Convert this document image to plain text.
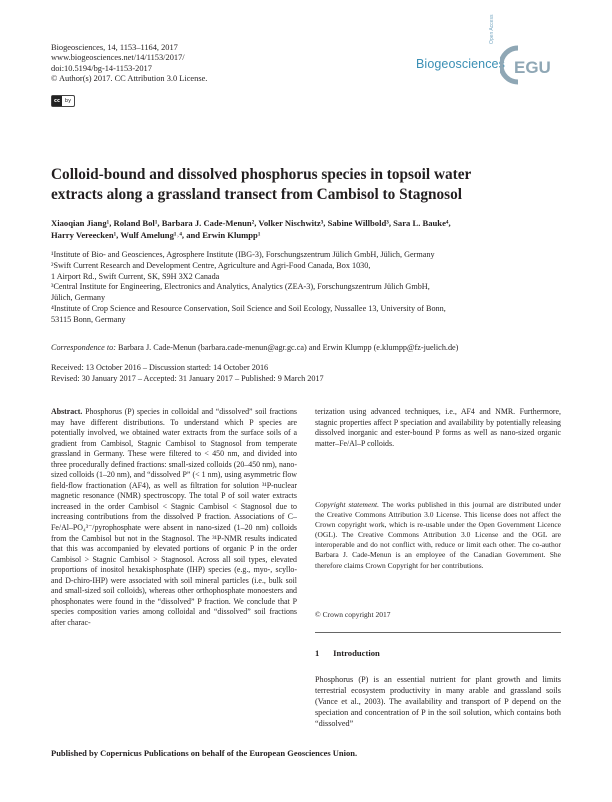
Biogeosciences, 14, 1153–1164, 2017
www.biogeosciences.net/14/1153/2017/
doi:10.5194/bg-14-1153-2017
© Author(s) 2017. CC Attribution 3.0 License.
cc by
Biogeosciences
Open Access
EGU
Colloid-bound and dissolved phosphorus species in topsoil water
extracts along a grassland transect from Cambisol to Stagnosol
Xiaoqian Jiang¹, Roland Bol¹, Barbara J. Cade-Menun², Volker Nischwitz³, Sabine Willbold³, Sara L. Bauke⁴,
Harry Vereecken¹, Wulf Amelung¹˒⁴, and Erwin Klumpp¹
¹Institute of Bio- and Geosciences, Agrosphere Institute (IBG-3), Forschungszentrum Jülich GmbH, Jülich, Germany
²Swift Current Research and Development Centre, Agriculture and Agri-Food Canada, Box 1030,
1 Airport Rd., Swift Current, SK, S9H 3X2 Canada
³Central Institute for Engineering, Electronics and Analytics, Analytics (ZEA-3), Forschungszentrum Jülich GmbH,
Jülich, Germany
⁴Institute of Crop Science and Resource Conservation, Soil Science and Soil Ecology, Nussallee 13, University of Bonn,
53115 Bonn, Germany
Correspondence to: Barbara J. Cade-Menun (barbara.cade-menun@agr.gc.ca) and Erwin Klumpp (e.klumpp@fz-juelich.de)
Received: 13 October 2016 – Discussion started: 14 October 2016
Revised: 30 January 2017 – Accepted: 31 January 2017 – Published: 9 March 2017
Abstract. Phosphorus (P) species in colloidal and “dissolved” soil fractions may have different distributions. To understand which P species are potentially involved, we obtained water extracts from the surface soils of a gradient from Cambisol, Stagnic Cambisol to Stagnosol from temperate grassland in Germany. These were filtered to < 450 nm, and divided into three procedurally defined fractions: small-sized colloids (20–450 nm), nano-sized colloids (1–20 nm), and “dissolved P” (< 1 nm), using asymmetric flow field-flow fractionation (AF4), as well as filtration for solution ³¹P-nuclear magnetic resonance (NMR) spectroscopy. The total P of soil water extracts increased in the order Cambisol < Stagnic Cambisol < Stagnosol due to increasing contributions from the dissolved P fraction. Associations of C–Fe/Al–PO₄³⁻/pyrophosphate were absent in nano-sized (1–20 nm) colloids from the Cambisol but not in the Stagnosol. The ³¹P-NMR results indicated that this was accompanied by elevated portions of organic P in the order Cambisol > Stagnic Cambisol > Stagnosol. Across all soil types, elevated proportions of inositol hexakisphosphate (IHP) species (e.g., myo-, scyllo- and D-chiro-IHP) were associated with soil mineral particles (i.e., bulk soil and small-sized soil colloids), whereas other orthophosphate monoesters and phosphonates were found in the “dissolved” P fraction. We conclude that P species composition varies among colloidal and “dissolved” soil fractions after charac-
terization using advanced techniques, i.e., AF4 and NMR. Furthermore, stagnic properties affect P speciation and availability by potentially releasing dissolved inorganic and ester-bound P forms as well as nano-sized organic matter–Fe/Al–P colloids.
Copyright statement. The works published in this journal are distributed under the Creative Commons Attribution 3.0 License. This license does not affect the Crown copyright work, which is re-usable under the Open Government Licence (OGL). The Creative Commons Attribution 3.0 License and the OGL are interoperable and do not conflict with, reduce or limit each other. The co-author Barbara J. Cade-Menun is an employee of the Canadian Government. She therefore claims Crown Copyright for her contributions.
© Crown copyright 2017
1 Introduction
Phosphorus (P) is an essential nutrient for plant growth and limits terrestrial ecosystem productivity in many arable and grassland soils (Vance et al., 2003). The availability and transport of P depend on the speciation and concentration of P in the soil solution, which contains both “dissolved”
Published by Copernicus Publications on behalf of the European Geosciences Union.
